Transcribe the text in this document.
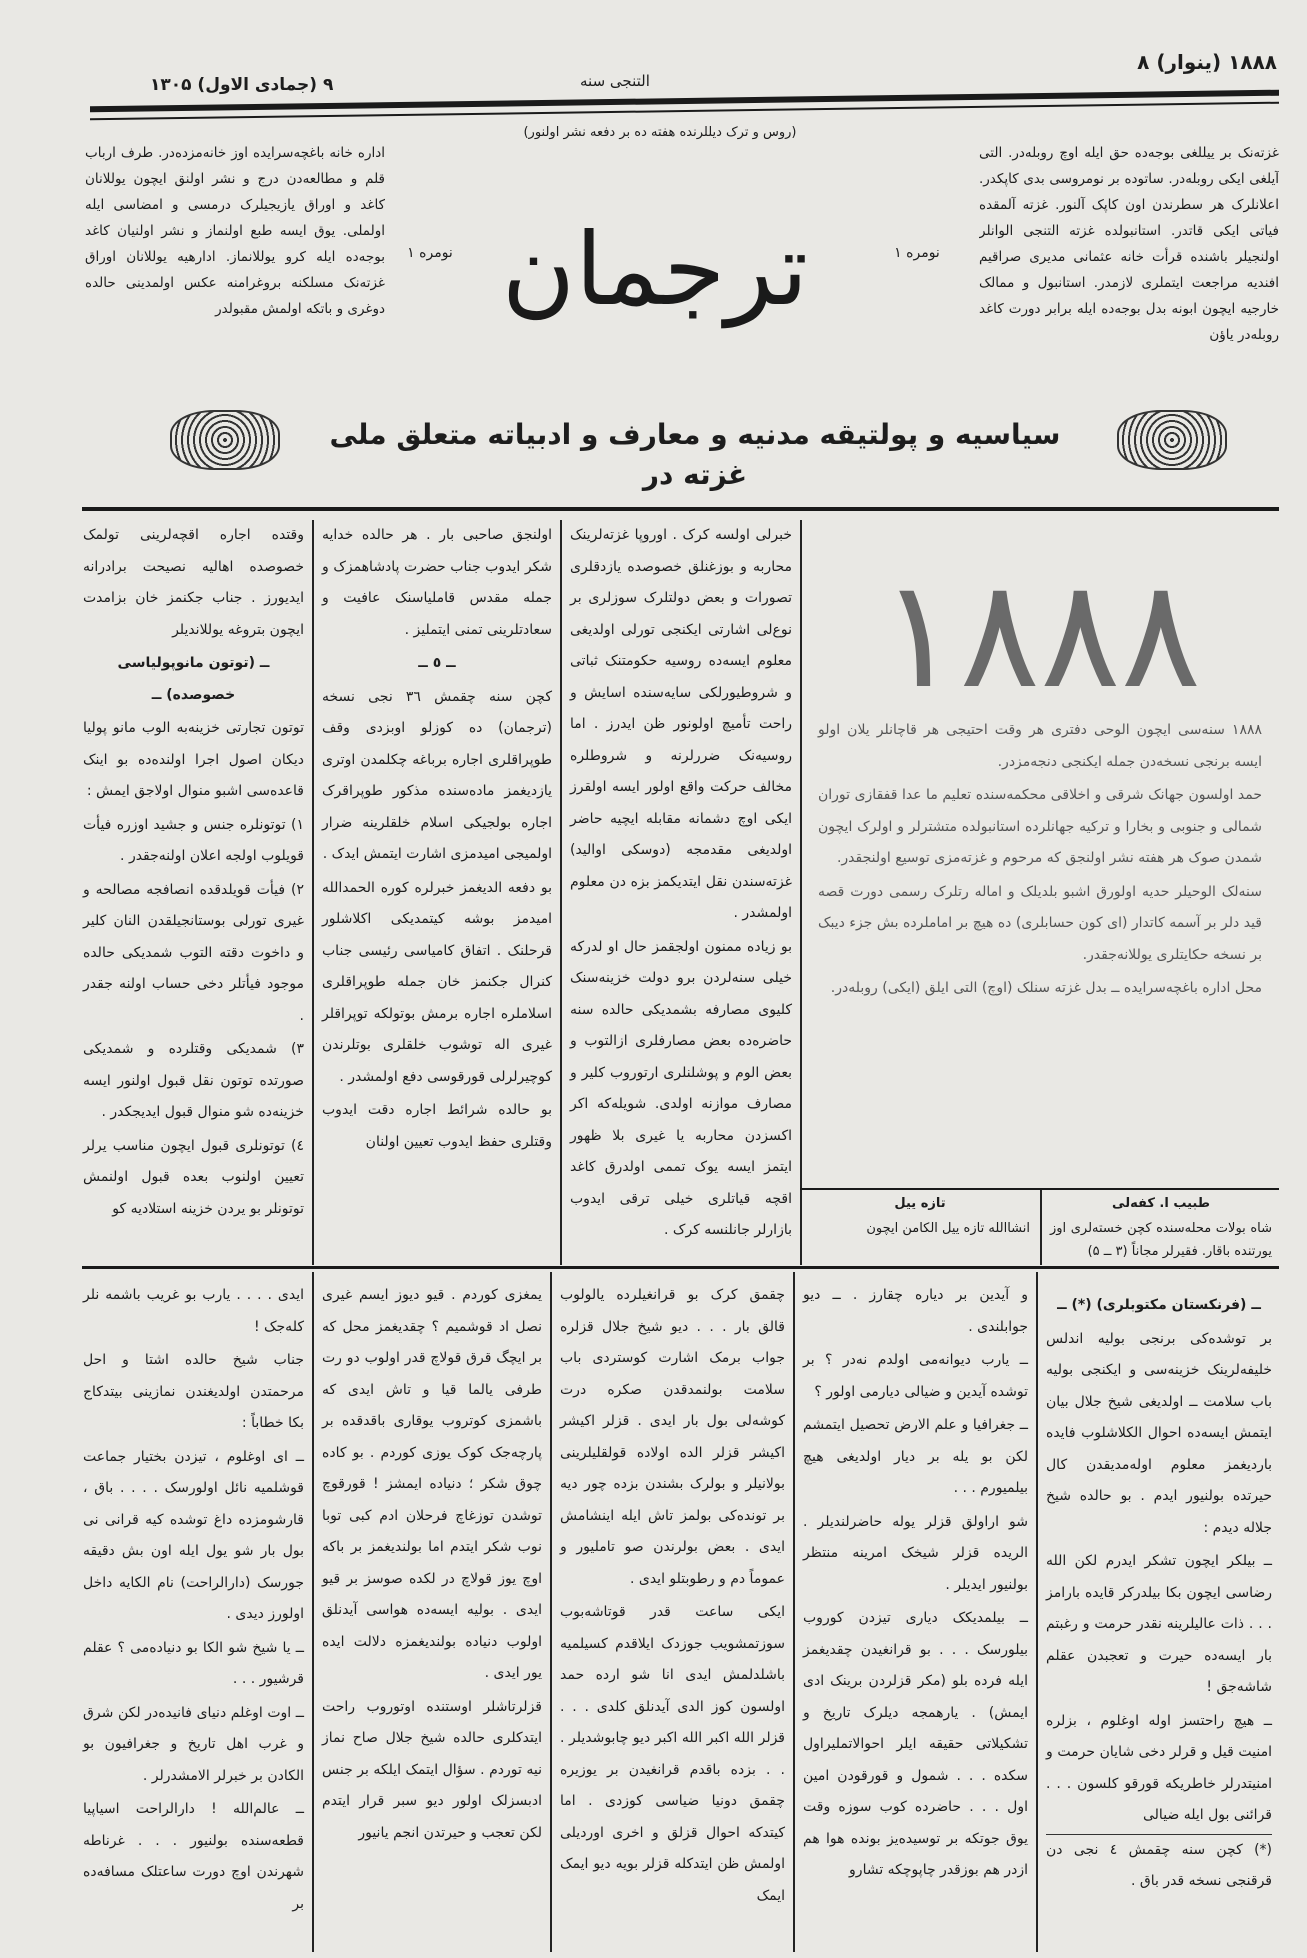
۱۸۸۸ (ینوار) ۸
التنجی سنه
۹ (جمادی الاول) ۱۳۰۵
(روس و ترک دیللرنده هفته ده بر دفعه نشر اولنور)
غزته‌نک بر ییللغی بوجه‌ده حق ایله اوچ روبله‌در. التی آیلغی ایکی روبله‌در. ساتوده بر نومروسی بدی کاپکدر. اعلانلرک هر سطرندن اون کاپک آلنور. غزته آلمقده فیاتی ایکی قاتدر. استانبولده غزته التنجی الوانلر اولنجیلر باشنده قرأت خانه عثمانی مدیری صراقیم افندیه مراجعت ایتملری لازمدر. استانبول و ممالک خارجیه ایچون ابونه بدل بوجه‌ده ایله برابر دورت کاغد روبله‌در یاؤن
اداره خانه باغچه‌سرایده اوز خانه‌مزده‌در. طرف ارباب قلم و مطالعه‌دن درج و نشر اولنق ایچون یوللانان کاغد و اوراق یازیجیلرک درمسی و امضاسی ایله اولملی. یوق ایسه طبع اولنماز و نشر اولنیان کاغد بوجه‌ده ایله کرو یوللانماز. ادارهیه یوللانان اوراق غزته‌نک مسلکنه بروغرامنه عکس اولمدینی حالده دوغری و باتکه اولمش مقبولدر	ترجمان	نومره ۱
نومره ۱
سیاسیه و پولتیقه مدنیه و معارف و ادبیاته متعلق ملی غزته در
۱۸۸۸

۱۸۸۸ سنه‌سی ایچون الوحی دفتری هر وقت احتیجی هر قاچانلر یلان اولو ایسه برنجی نسخه‌دن جمله ایکنجی دنجه‌مزدر.

حمد اولسون جهانک شرقی و اخلاقی محکمه‌سنده تعلیم ما عدا قفقازی توران شمالی و جنوبی و بخارا و ترکیه جهانلرده استانبولده متشترلر و اولرک ایچون شمدن صوک هر هفته نشر اولنجق که مرحوم و غزته‌مزی توسیع اولنجقدر.

سنه‌لک الوحیلر حدیه اولورق اشبو بلدیلک و اماله رتلرک رسمی دورت قصه قید دلر بر آسمه کاتدار (ای کون حسابلری) ده هیچ بر اماملرده بش جزء دیبک بر نسخه حکایتلری یوللانه‌جقدر.

محل اداره باغچه‌سرایده ــ بدل غزته سنلک (اوچ) التی ایلق (ایکی) روبله‌در.

طبیب ا. کفه‌لی

شاه بولات محله‌سنده کچن خسته‌لری اوز یورتنده باقار. فقیرلر مجاناً (۳ ــ ۵)

تازه ییل

انشاالله تازه ییل الکامن ایچون

خبرلی اولسه کرک . اوروپا غزته‌لرینک محاربه و بوزغنلق خصوصده یازدقلری تصورات و بعض دولتلرک سوزلری بر نوع‌لی اشارتی ایکنجی تورلی اولدیغی معلوم ایسه‌ده روسیه حکومتنک ثباتی و شروطیورلکی سایه‌سنده اسایش و راحت تأمیچ اولونور ظن ایدرز . اما روسیه‌نک ضررلرنه و شروطلره مخالف حرکت واقع اولور ایسه اولقرز ایکی اوچ دشمانه مقابله ایچیه حاضر اولدیغی مقدمجه (دوسکی اوالید) غزته‌سندن نقل ایتدیکمز بزه دن معلوم اولمشدر .

بو زیاده ممنون اولجقمز حال او لدرکه خیلی سنه‌لردن برو دولت خزینه‌سنک کلیوی مصارفه بشمدیکی حالده سنه حاضره‌ده بعض مصارفلری ازالتوب و بعض الوم و پوشلنلری ارتوروب کلیر و مصارف موازنه اولدی. شویله‌که اکر اکسزدن محاربه یا غیری بلا ظهور ایتمز ایسه یوک تممی اولدرق کاغد اقچه قیاتلری خیلی ترقی ایدوب بازارلر جانلنسه کرک .

اولنجق صاحبی بار . هر حالده خدایه شکر ایدوب جناب حضرت پادشاهمزک و جمله مقدس قاملیاسنک عافیت و سعادتلرینی تمنی ایتملیز .

ــ ٥ ــ

کچن سنه چقمش ۳٦ نجی نسخه (ترجمان) ده کوزلو اوبزدی وقف طوپراقلری اجاره بر‌باغه چکلمدن اوتری یازدیغمز ماده‌سنده مذکور طوپراقرک اجاره بولجیکی اسلام خلقلرینه ضرار اولمیجی امیدمزی اشارت ایتمش ایدک .

بو دفعه الدیغمز خبرلره کوره الحمدالله امیدمز بوشه کیتمدیکی اکلاشلور قرحلنک . اتفاق کامیاسی رئیسی جناب کنرال جکنمز خان جمله طوپراقلری اسلاملره اجاره برمش بوتولکه توپراقلر غیری اله توشوب خلقلری بوتلرندن کوچیرلرلی قورقوسی دفع اولمشدر .

بو حالده شرائط اجاره دقت ایدوب وقتلری حفظ ایدوب تعیین اولنان

وقتده اجاره اقچه‌لرینی تولمک خصوصده اهالیه نصیحت برادرانه ایدیورز . جناب جکنمز خان بزامدت ایچون بتروغه یوللاندیلر

ــ (توتون مانوپولیاسی خصوصده) ــ

توتون تجارتی خزینه‌به الوب مانو پولیا دیکان اصول اجرا اولنده‌ده بو اینک قاعده‌سی اشبو منوال اولاجق ایمش :

۱) توتونلره جنس و جشید اوزره فیأت قویلوب اولجه اعلان اولنه‌جقدر .

۲) فیأت قویلدقده انصافجه مصالحه و غیری تورلی بوستانجیلقدن النان کلیر و داخوت دقته التوب شمدیکی حالده موجود فیأتلر دخی حساب اولنه جقدر .

۳) شمدیکی وقتلرده و شمدیکی صورتده توتون نقل قبول اولنور ایسه خزینه‌ده شو منوال قبول ایدیجکدر .

٤) توتونلری قبول ایچون مناسب یرلر تعیین اولنوب بعده قبول اولنمش توتونلر بو یردن خزینه استلادیه کو

ــ (فرنکستان مکتوبلری) (*) ــ

بر توشده‌کی برنجی بولیه اندلس خلیفه‌لرینک خزینه‌سی و ایکنجی بولیه باب سلامت ــ اولدیغی شیخ جلال بیان ایتمش ایسه‌ده احوال الکلاشلوب فایده باردیغمز معلوم اوله‌مدیقدن کال حیرتده بولنیور ایدم . بو حالده شیخ جلاله دیدم :

ــ بیلکر ایچون تشکر ایدرم لکن الله رضاسی ایچون بکا بیلدرکر قایده بارامز . . . ذات عالیلرینه نقدر حرمت و رغبتم بار ایسه‌ده حیرت و تعجبدن عقلم شاشه‌جق !

ــ هیچ راحتسز اوله اوغلوم ، بزلره امنیت قیل و قرلر دخی شایان حرمت و امنیتدرلر خاطریکه قورقو کلسون . . . قرائنی بول ایله ضیالی

(*) کچن سنه چقمش ٤ نجی دن قرقنجی نسخه قدر باق .

و آیدین بر دیاره چقارز . ــ دیو جوابلندی .

ــ یارب دیوانه‌می اولدم نه‌در ؟ بر توشده آیدین و ضیالی دیارمی اولور ؟

ــ جغرافیا و علم الارض تحصیل ایتمشم لکن بو یله بر دیار اولدیغی هیچ بیلمیورم . . .

شو اراولق قزلر یوله حاضرلندیلر . الریده قزلر شیخک امرینه منتظر بولنیور ایدیلر .

ــ بیلمدیکک دیاری تیزدن کوروب بیلورسک . . . بو قرانغیدن چقدیغمز ایله فرده بلو (مکر قزلردن برینک ادی ایمش) . یارهمجه دیلرک تاریخ و تشکیلاتی حقیقه ایلر احوالاتملیراول سکده . . . شمول و قورقودن امین اول . . . حاضرده کوب سوزه وقت یوق جوتکه بر توسیده‌یز بونده هوا هم ازدر هم بوزقدر چاپوچکه تشارو

چقمق کرک بو قرانغیلرده یالولوب قالق بار . . . دیو شیخ جلال قزلره جواب برمک اشارت کوستردی باب سلامت بولنمدقدن صکره درت کوشه‌لی بول بار ایدی . قزلر اکیشر اکیشر قزلر الده اولاده قولقلیلرینی بولانیلر و بولرک بشندن بزده چور دیه بر تونده‌کی بولمز تاش ایله اینشامش ایدی . بعض بولرندن صو تاملیور و عموماً دم و رطوبتلو ایدی .

ایکی ساعت قدر قوتاشه‌بوب سوزتمشویب جوزدک ایلاقدم کسیلمیه باشلدلمش ایدی انا شو ارده حمد اولسون کوز الدی آیدنلق کلدی . . . قزلر الله اکبر الله اکبر دیو چابوشدیلر . . . بزده باقدم قرانغیدن بر یوزیره چقمق دونیا ضیاسی کوزدی . اما کیتدکه احوال قزلق و اخری اوردیلی اولمش ظن ایتدکله قزلر بویه دیو ایمک ایمک

یمغزی کوردم . قیو دیوز ایسم غیری نصل اد قوشمیم ؟ چقدیغمز محل که بر ایچگ قرق قولاچ قدر اولوب دو رت طرفی یالما قیا و تاش ایدی که باشمزی کوتروب یوقاری باقدقده بر پارچه‌جک کوک یوزی کوردم . بو کاده چوق شکر ؛ دنیاده ایمشز ! قورقوچ توشدن توزغاچ فرحلان ادم کبی توبا نوب شکر ایتدم اما بولندیغمز بر باکه اوچ یوز قولاچ در لکده صوسز بر قیو ایدی . بولیه ایسه‌ده هواسی آیدنلق اولوب دنیاده بولندیغمزه دلالت ایده یور ایدی .

قزلرتاشلر اوستنده اوتوروب راحت ایتدکلری حالده شیخ جلال صاح نماز نیه توردم . سؤال ایتمک ایلکه بر جنس ادبسزلک اولور دیو سبر قرار ایتدم لکن تعجب و حیرتدن انجم یانیور

ایدی . . . . یارب بو غریب باشمه نلر کله‌جک !

جناب شیخ حالده اشتا و احل مرحمتدن اولدیغندن نمازینی بیتدکاج بکا خطاباً :

ــ ای اوغلوم ، تیزدن بختیار جماعت قوشلمیه نائل اولورسک . . . . باق ، قارشومزده داغ توشده کیه قرانی نی بول بار شو یول ایله اون بش دقیقه جورسک (دارالراحت) نام الکایه داخل اولورز دیدی .

ــ یا شیخ شو الکا بو دنیاده‌می ؟ عقلم قرشیور . . .

ــ اوت اوغلم دنیای فانیده‌در لکن شرق و غرب اهل تاریخ و جغرافیون بو الکادن بر خبرلر الامشدرلر .

ــ عالم‌الله ! دارالراحت اسیاپیا قطعه‌سنده بولنیور . . . غرناطه شهرندن اوچ دورت ساعتلک مسافه‌ده بر
